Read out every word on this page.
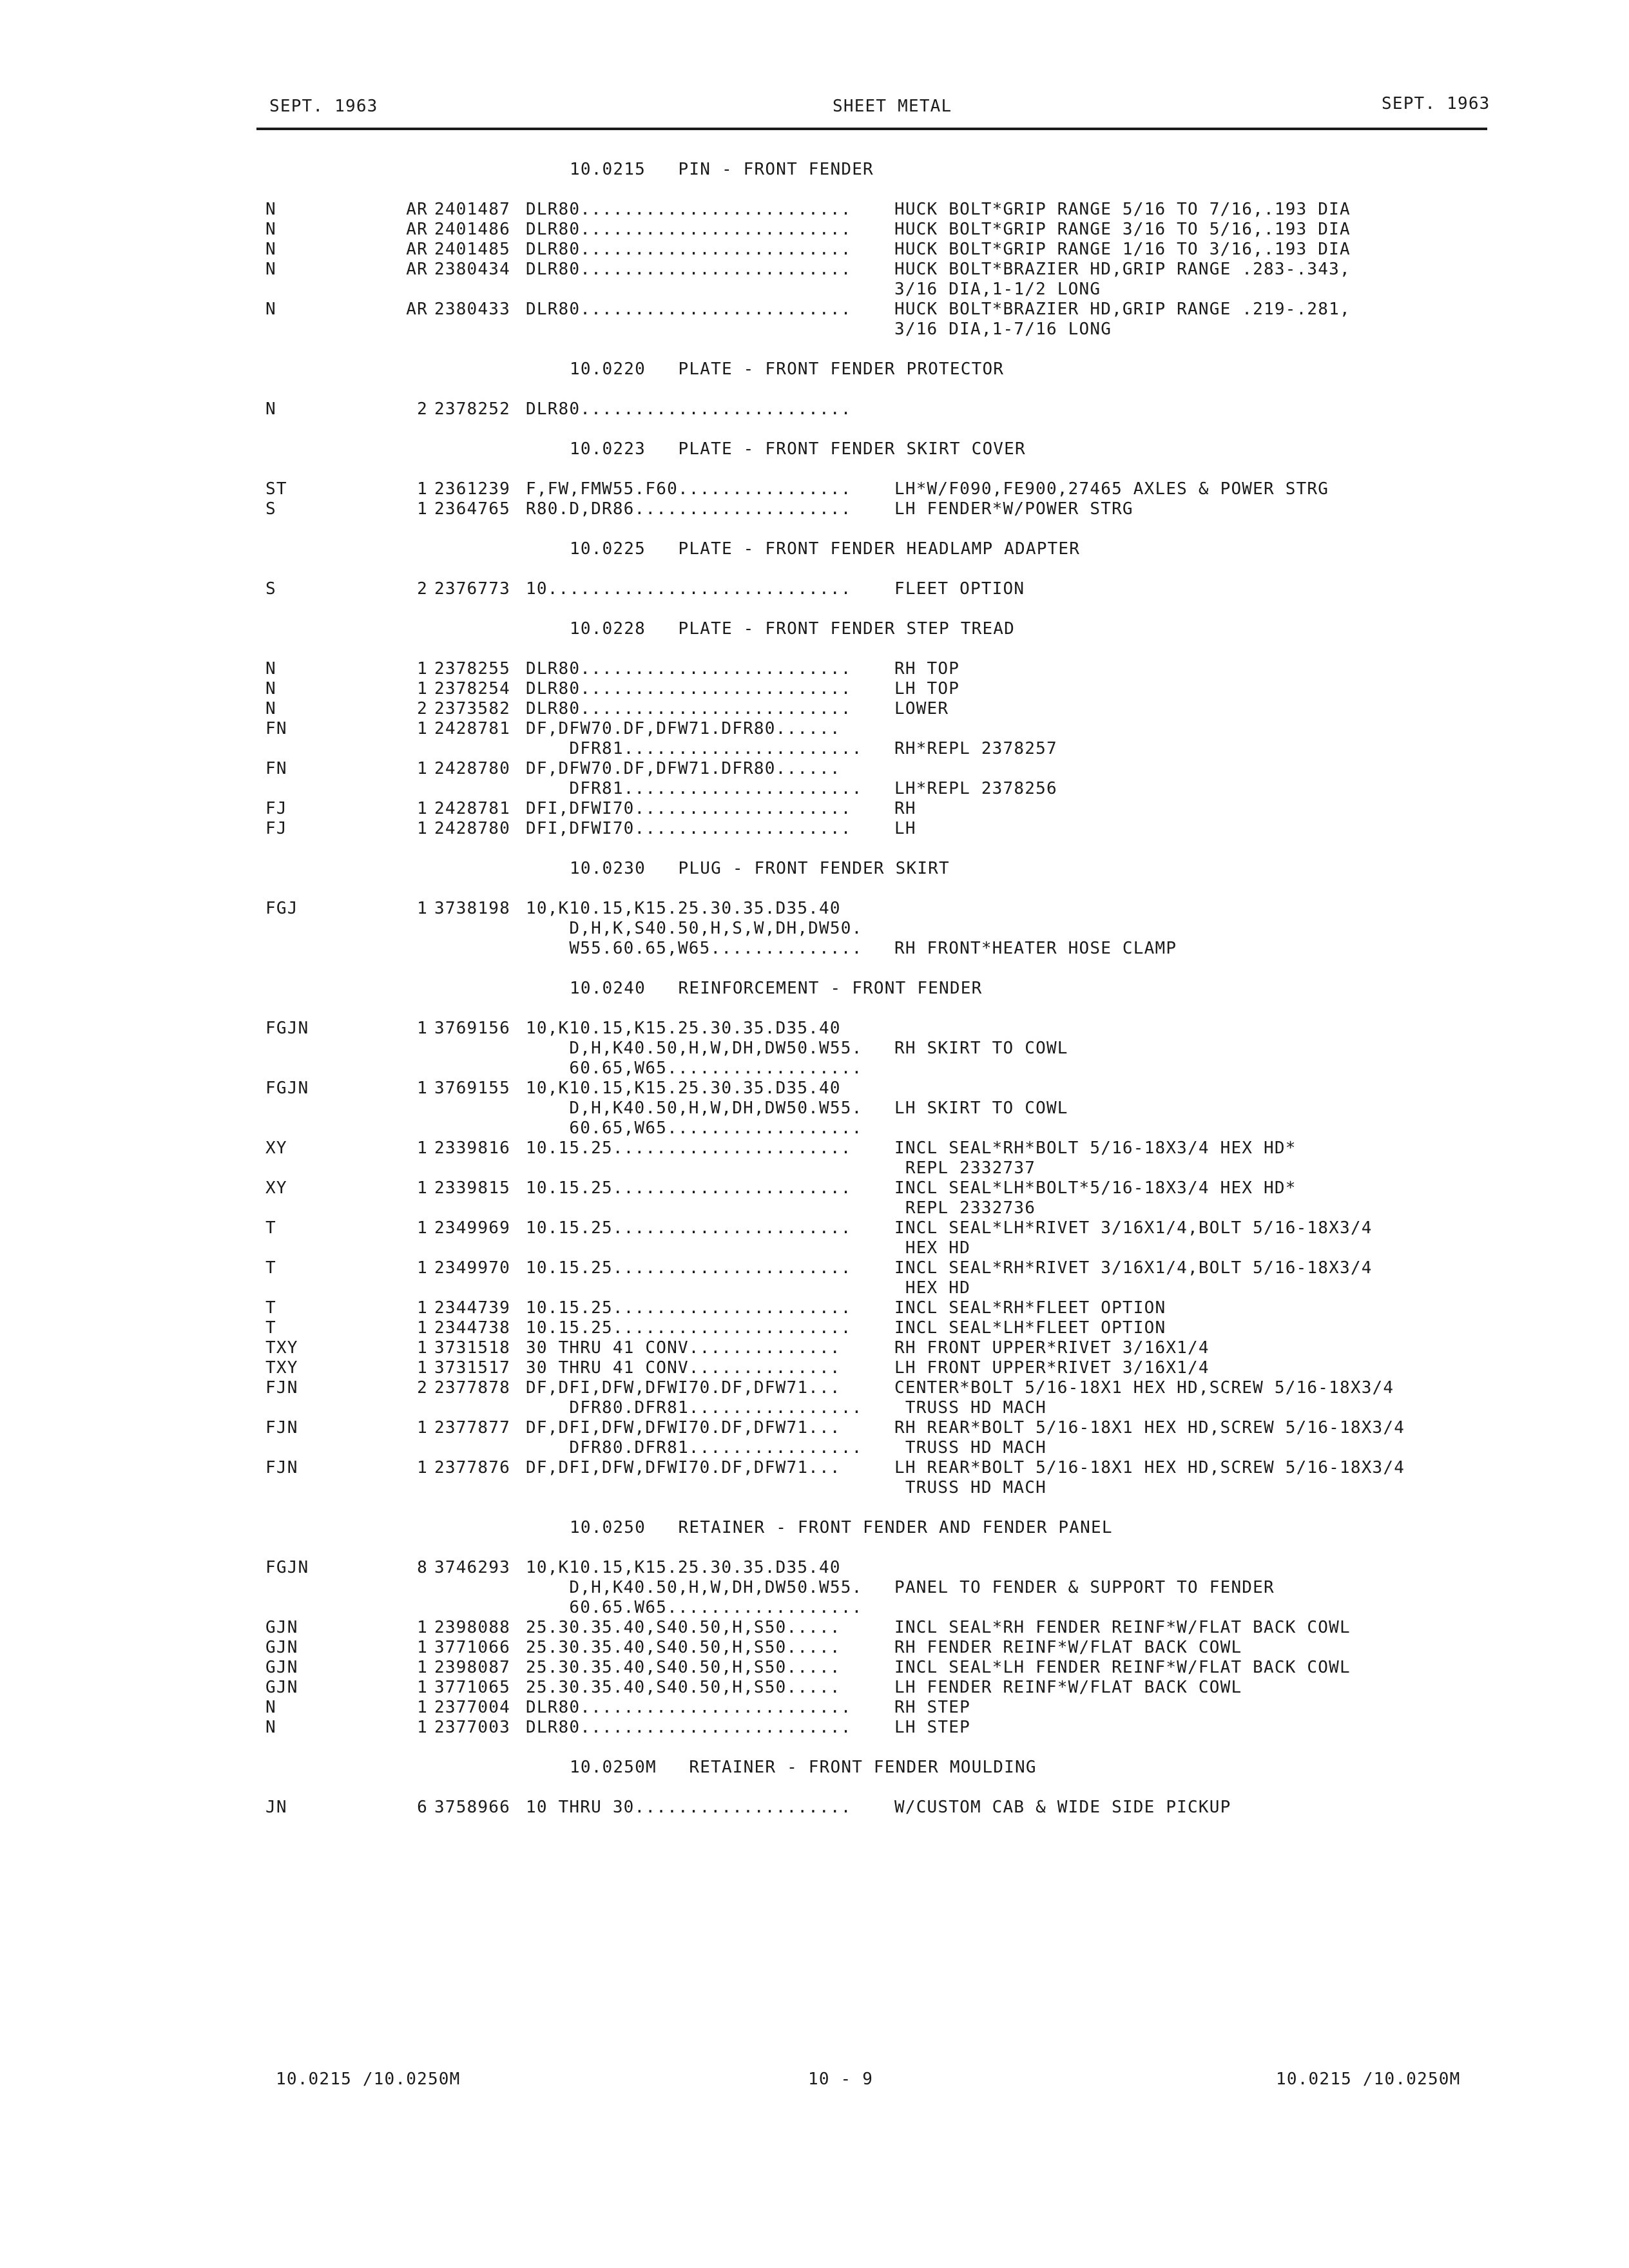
SEPT. 1963	SHEET METAL	SEPT. 1963
10.0215 PIN - FRONT FENDER
N	AR 2401487 DLR80.........................	HUCK BOLT*GRIP RANGE 5/16 TO 7/16,.193 DIA
N	AR 2401486 DLR80.........................	HUCK BOLT*GRIP RANGE 3/16 TO 5/16,.193 DIA
N	AR 2401485 DLR80.........................	HUCK BOLT*GRIP RANGE 1/16 TO 3/16,.193 DIA
N	AR 2380434 DLR80.........................	HUCK BOLT*BRAZIER HD,GRIP RANGE .283-.343,
3/16 DIA,1-1/2 LONG
N	AR 2380433 DLR80.........................	HUCK BOLT*BRAZIER HD,GRIP RANGE .219-.281,
3/16 DIA,1-7/16 LONG
10.0220 PLATE - FRONT FENDER PROTECTOR
N	2 2378252 DLR80.........................
10.0223 PLATE - FRONT FENDER SKIRT COVER
ST	1 2361239 F,FW,FMW55.F60................	LH*W/F090,FE900,27465 AXLES & POWER STRG
S	1 2364765 R80.D,DR86....................	LH FENDER*W/POWER STRG
10.0225 PLATE - FRONT FENDER HEADLAMP ADAPTER
S	2 2376773 10............................	FLEET OPTION
10.0228 PLATE - FRONT FENDER STEP TREAD
N	1 2378255 DLR80.........................	RH TOP
N	1 2378254 DLR80.........................	LH TOP
N	2 2373582 DLR80.........................	LOWER
FN	1 2428781 DF,DFW70.DF,DFW71.DFR80......
DFR81......................	RH*REPL 2378257
FN	1 2428780 DF,DFW70.DF,DFW71.DFR80......
DFR81......................	LH*REPL 2378256
FJ	1 2428781 DFI,DFWI70....................	RH
FJ	1 2428780 DFI,DFWI70....................	LH
10.0230 PLUG - FRONT FENDER SKIRT
FGJ	1 3738198 10,K10.15,K15.25.30.35.D35.40
D,H,K,S40.50,H,S,W,DH,DW50.
W55.60.65,W65..............	RH FRONT*HEATER HOSE CLAMP
10.0240 REINFORCEMENT - FRONT FENDER
FGJN	1 3769156 10,K10.15,K15.25.30.35.D35.40
D,H,K40.50,H,W,DH,DW50.W55.	RH SKIRT TO COWL
60.65,W65..................
FGJN	1 3769155 10,K10.15,K15.25.30.35.D35.40
D,H,K40.50,H,W,DH,DW50.W55.	LH SKIRT TO COWL
60.65,W65..................
XY	1 2339816 10.15.25......................	INCL SEAL*RH*BOLT 5/16-18X3/4 HEX HD*
REPL 2332737
XY	1 2339815 10.15.25......................	INCL SEAL*LH*BOLT*5/16-18X3/4 HEX HD*
REPL 2332736
T	1 2349969 10.15.25......................	INCL SEAL*LH*RIVET 3/16X1/4,BOLT 5/16-18X3/4
HEX HD
T	1 2349970 10.15.25......................	INCL SEAL*RH*RIVET 3/16X1/4,BOLT 5/16-18X3/4
HEX HD
T	1 2344739 10.15.25......................	INCL SEAL*RH*FLEET OPTION
T	1 2344738 10.15.25......................	INCL SEAL*LH*FLEET OPTION
TXY	1 3731518 30 THRU 41 CONV..............	RH FRONT UPPER*RIVET 3/16X1/4
TXY	1 3731517 30 THRU 41 CONV..............	LH FRONT UPPER*RIVET 3/16X1/4
FJN	2 2377878 DF,DFI,DFW,DFWI70.DF,DFW71...	CENTER*BOLT 5/16-18X1 HEX HD,SCREW 5/16-18X3/4
DFR80.DFR81................	TRUSS HD MACH
FJN	1 2377877 DF,DFI,DFW,DFWI70.DF,DFW71...	RH REAR*BOLT 5/16-18X1 HEX HD,SCREW 5/16-18X3/4
DFR80.DFR81................	TRUSS HD MACH
FJN	1 2377876 DF,DFI,DFW,DFWI70.DF,DFW71...	LH REAR*BOLT 5/16-18X1 HEX HD,SCREW 5/16-18X3/4
TRUSS HD MACH
10.0250 RETAINER - FRONT FENDER AND FENDER PANEL
FGJN	8 3746293 10,K10.15,K15.25.30.35.D35.40
D,H,K40.50,H,W,DH,DW50.W55.	PANEL TO FENDER & SUPPORT TO FENDER
60.65.W65..................
GJN	1 2398088 25.30.35.40,S40.50,H,S50.....	INCL SEAL*RH FENDER REINF*W/FLAT BACK COWL
GJN	1 3771066 25.30.35.40,S40.50,H,S50.....	RH FENDER REINF*W/FLAT BACK COWL
GJN	1 2398087 25.30.35.40,S40.50,H,S50.....	INCL SEAL*LH FENDER REINF*W/FLAT BACK COWL
GJN	1 3771065 25.30.35.40,S40.50,H,S50.....	LH FENDER REINF*W/FLAT BACK COWL
N	1 2377004 DLR80.........................	RH STEP
N	1 2377003 DLR80.........................	LH STEP
10.0250M RETAINER - FRONT FENDER MOULDING
JN	6 3758966 10 THRU 30....................	W/CUSTOM CAB & WIDE SIDE PICKUP
10.0215 /10.0250M	10 - 9	10.0215 /10.0250M
